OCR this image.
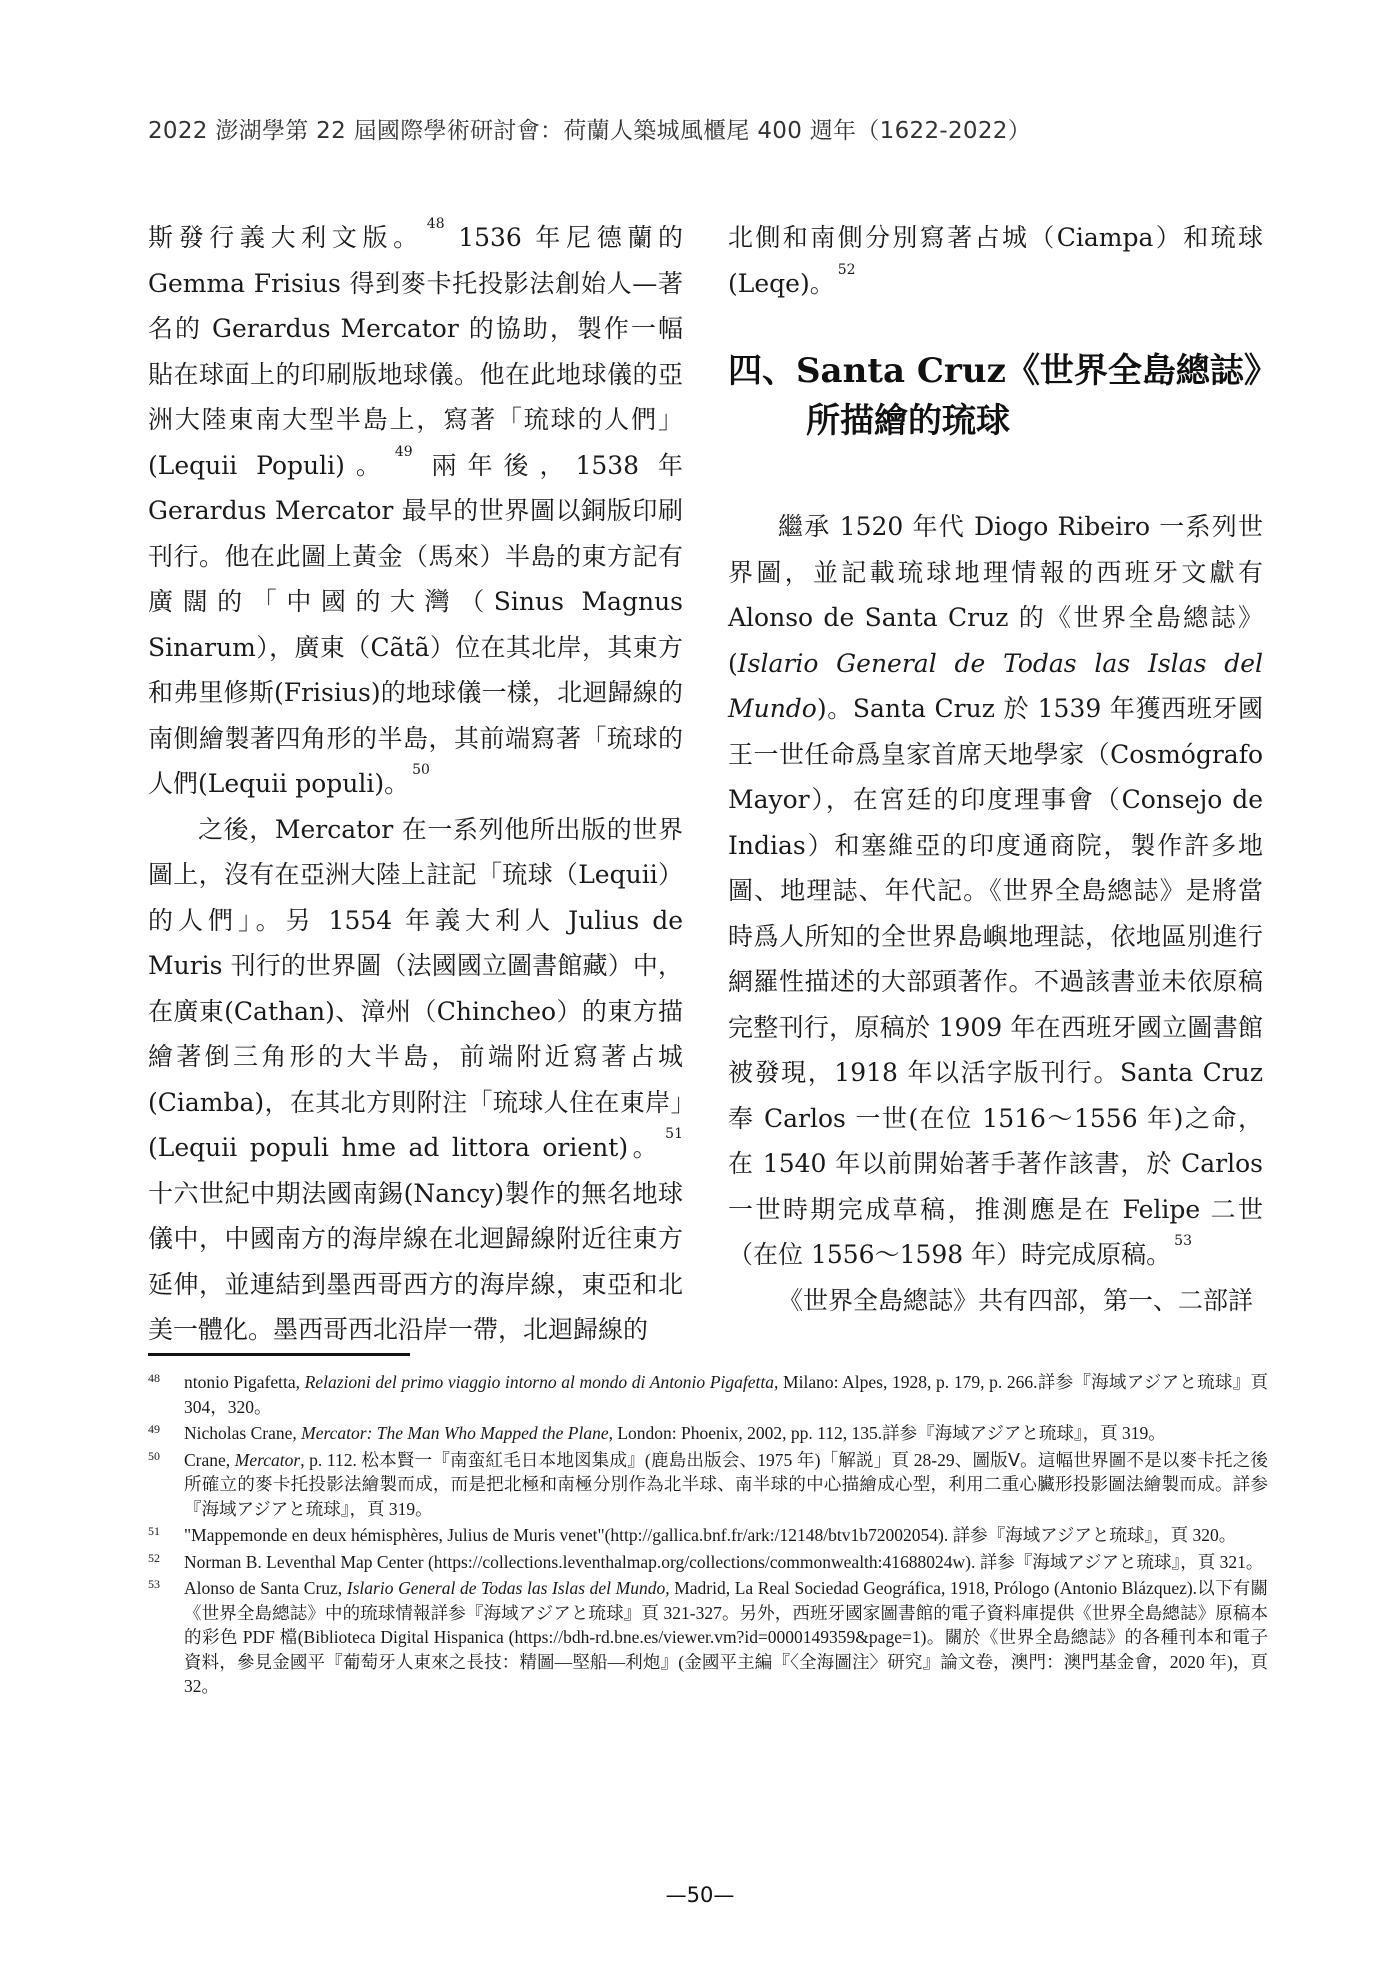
2022 澎湖學第 22 屆國際學術研討會：荷蘭人築城風櫃尾 400 週年（1622-2022）

斯發行義大利文版。 $^{48}$ 1536 年尼德蘭的 Gemma Frisius 得到麥卡托投影法創始人—著名的 Gerardus Mercator 的協助，製作一幅貼在球面上的印刷版地球儀。他在此地球儀的亞洲大陸東南大型半島上，寫著「琉球的人們」(Lequii Populi)。 $^{49}$ 兩年後，1538 年 Gerardus Mercator 最早的世界圖以銅版印刷刊行。他在此圖上黃金（馬來）半島的東方記有廣闊的「中國的大灣（Sinus Magnus Sinarum），廣東（Cãtã）位在其北岸，其東方和弗里修斯(Frisius)的地球儀一樣，北迴歸線的南側繪製著四角形的半島，其前端寫著「琉球的人們(Lequii populi)。 $^{50}$

之後，Mercator 在一系列他所出版的世界圖上，沒有在亞洲大陸上註記「琉球（Lequii）的人們」。另 1554 年義大利人 Julius de Muris 刊行的世界圖（法國國立圖書館藏）中，在廣東(Cathan)、漳州（Chincheo）的東方描繪著倒三角形的大半島，前端附近寫著占城(Ciamba)，在其北方則附注「琉球人住在東岸」(Lequii populi hme ad littora orient)。 $^{51}$ 十六世紀中期法國南錫(Nancy)製作的無名地球儀中，中國南方的海岸線在北迴歸線附近往東方延伸，並連結到墨西哥西方的海岸線，東亞和北美一體化。墨西哥西北沿岸一帶，北迴歸線的

北側和南側分別寫著占城（Ciampa）和琉球(Leqe)。 $^{52}$

四、Santa Cruz《世界全島總誌》所描繪的琉球

繼承 1520 年代 Diogo Ribeiro 一系列世界圖，並記載琉球地理情報的西班牙文獻有 Alonso de Santa Cruz 的《世界全島總誌》(Islario General de Todas las Islas del Mundo)。Santa Cruz 於 1539 年獲西班牙國王一世任命爲皇家首席天地學家（Cosmógrafo Mayor），在宮廷的印度理事會（Consejo de Indias）和塞維亞的印度通商院，製作許多地圖、地理誌、年代記。《世界全島總誌》是將當時爲人所知的全世界島嶼地理誌，依地區別進行網羅性描述的大部頭著作。不過該書並未依原稿完整刊行，原稿於 1909 年在西班牙國立圖書館被發現，1918 年以活字版刊行。Santa Cruz 奉 Carlos 一世(在位 1516～1556 年)之命，在 1540 年以前開始著手著作該書，於 Carlos 一世時期完成草稿，推測應是在 Felipe 二世（在位 1556～1598 年）時完成原稿。 $^{53}$

《世界全島總誌》共有四部，第一、二部詳

48 ntonio Pigafetta, Relazioni del primo viaggio intorno al mondo di Antonio Pigafetta, Milano: Alpes, 1928, p. 179, p. 266.詳参『海域アジアと琉球』頁 304，320。
49 Nicholas Crane, Mercator: The Man Who Mapped the Plane, London: Phoenix, 2002, pp. 112, 135.詳参『海域アジアと琉球』，頁 319。
50 Crane, Mercator, p. 112. 松本賢一『南蛮紅毛日本地図集成』(鹿島出版会、1975 年)「解説」頁 28-29、圖版Ⅴ。這幅世界圖不是以麥卡托之後所確立的麥卡托投影法繪製而成，而是把北極和南極分別作為北半球、南半球的中心描繪成心型，利用二重心臟形投影圖法繪製而成。詳参『海域アジアと琉球』，頁 319。
51 "Mappemonde en deux hémisphères, Julius de Muris venet"(http://gallica.bnf.fr/ark:/12148/btv1b72002054). 詳参『海域アジアと琉球』，頁 320。
52 Norman B. Leventhal Map Center (https://collections.leventhalmap.org/collections/commonwealth:41688024w). 詳参『海域アジアと琉球』，頁 321。
53 Alonso de Santa Cruz, Islario General de Todas las Islas del Mundo, Madrid, La Real Sociedad Geográfica, 1918, Prólogo (Antonio Blázquez).以下有關《世界全島總誌》中的琉球情報詳参『海域アジアと琉球』頁 321-327。另外，西班牙國家圖書館的電子資料庫提供《世界全島總誌》原稿本的彩色 PDF 檔(Biblioteca Digital Hispanica (https://bdh-rd.bne.es/viewer.vm?id=0000149359&page=1)。關於《世界全島總誌》的各種刊本和電子資料，參見金國平『葡萄牙人東來之長技：精圖—堅船—利炮』(金國平主編『〈全海圖注〉研究』論文卷，澳門：澳門基金會，2020 年)，頁 32。
—50—
